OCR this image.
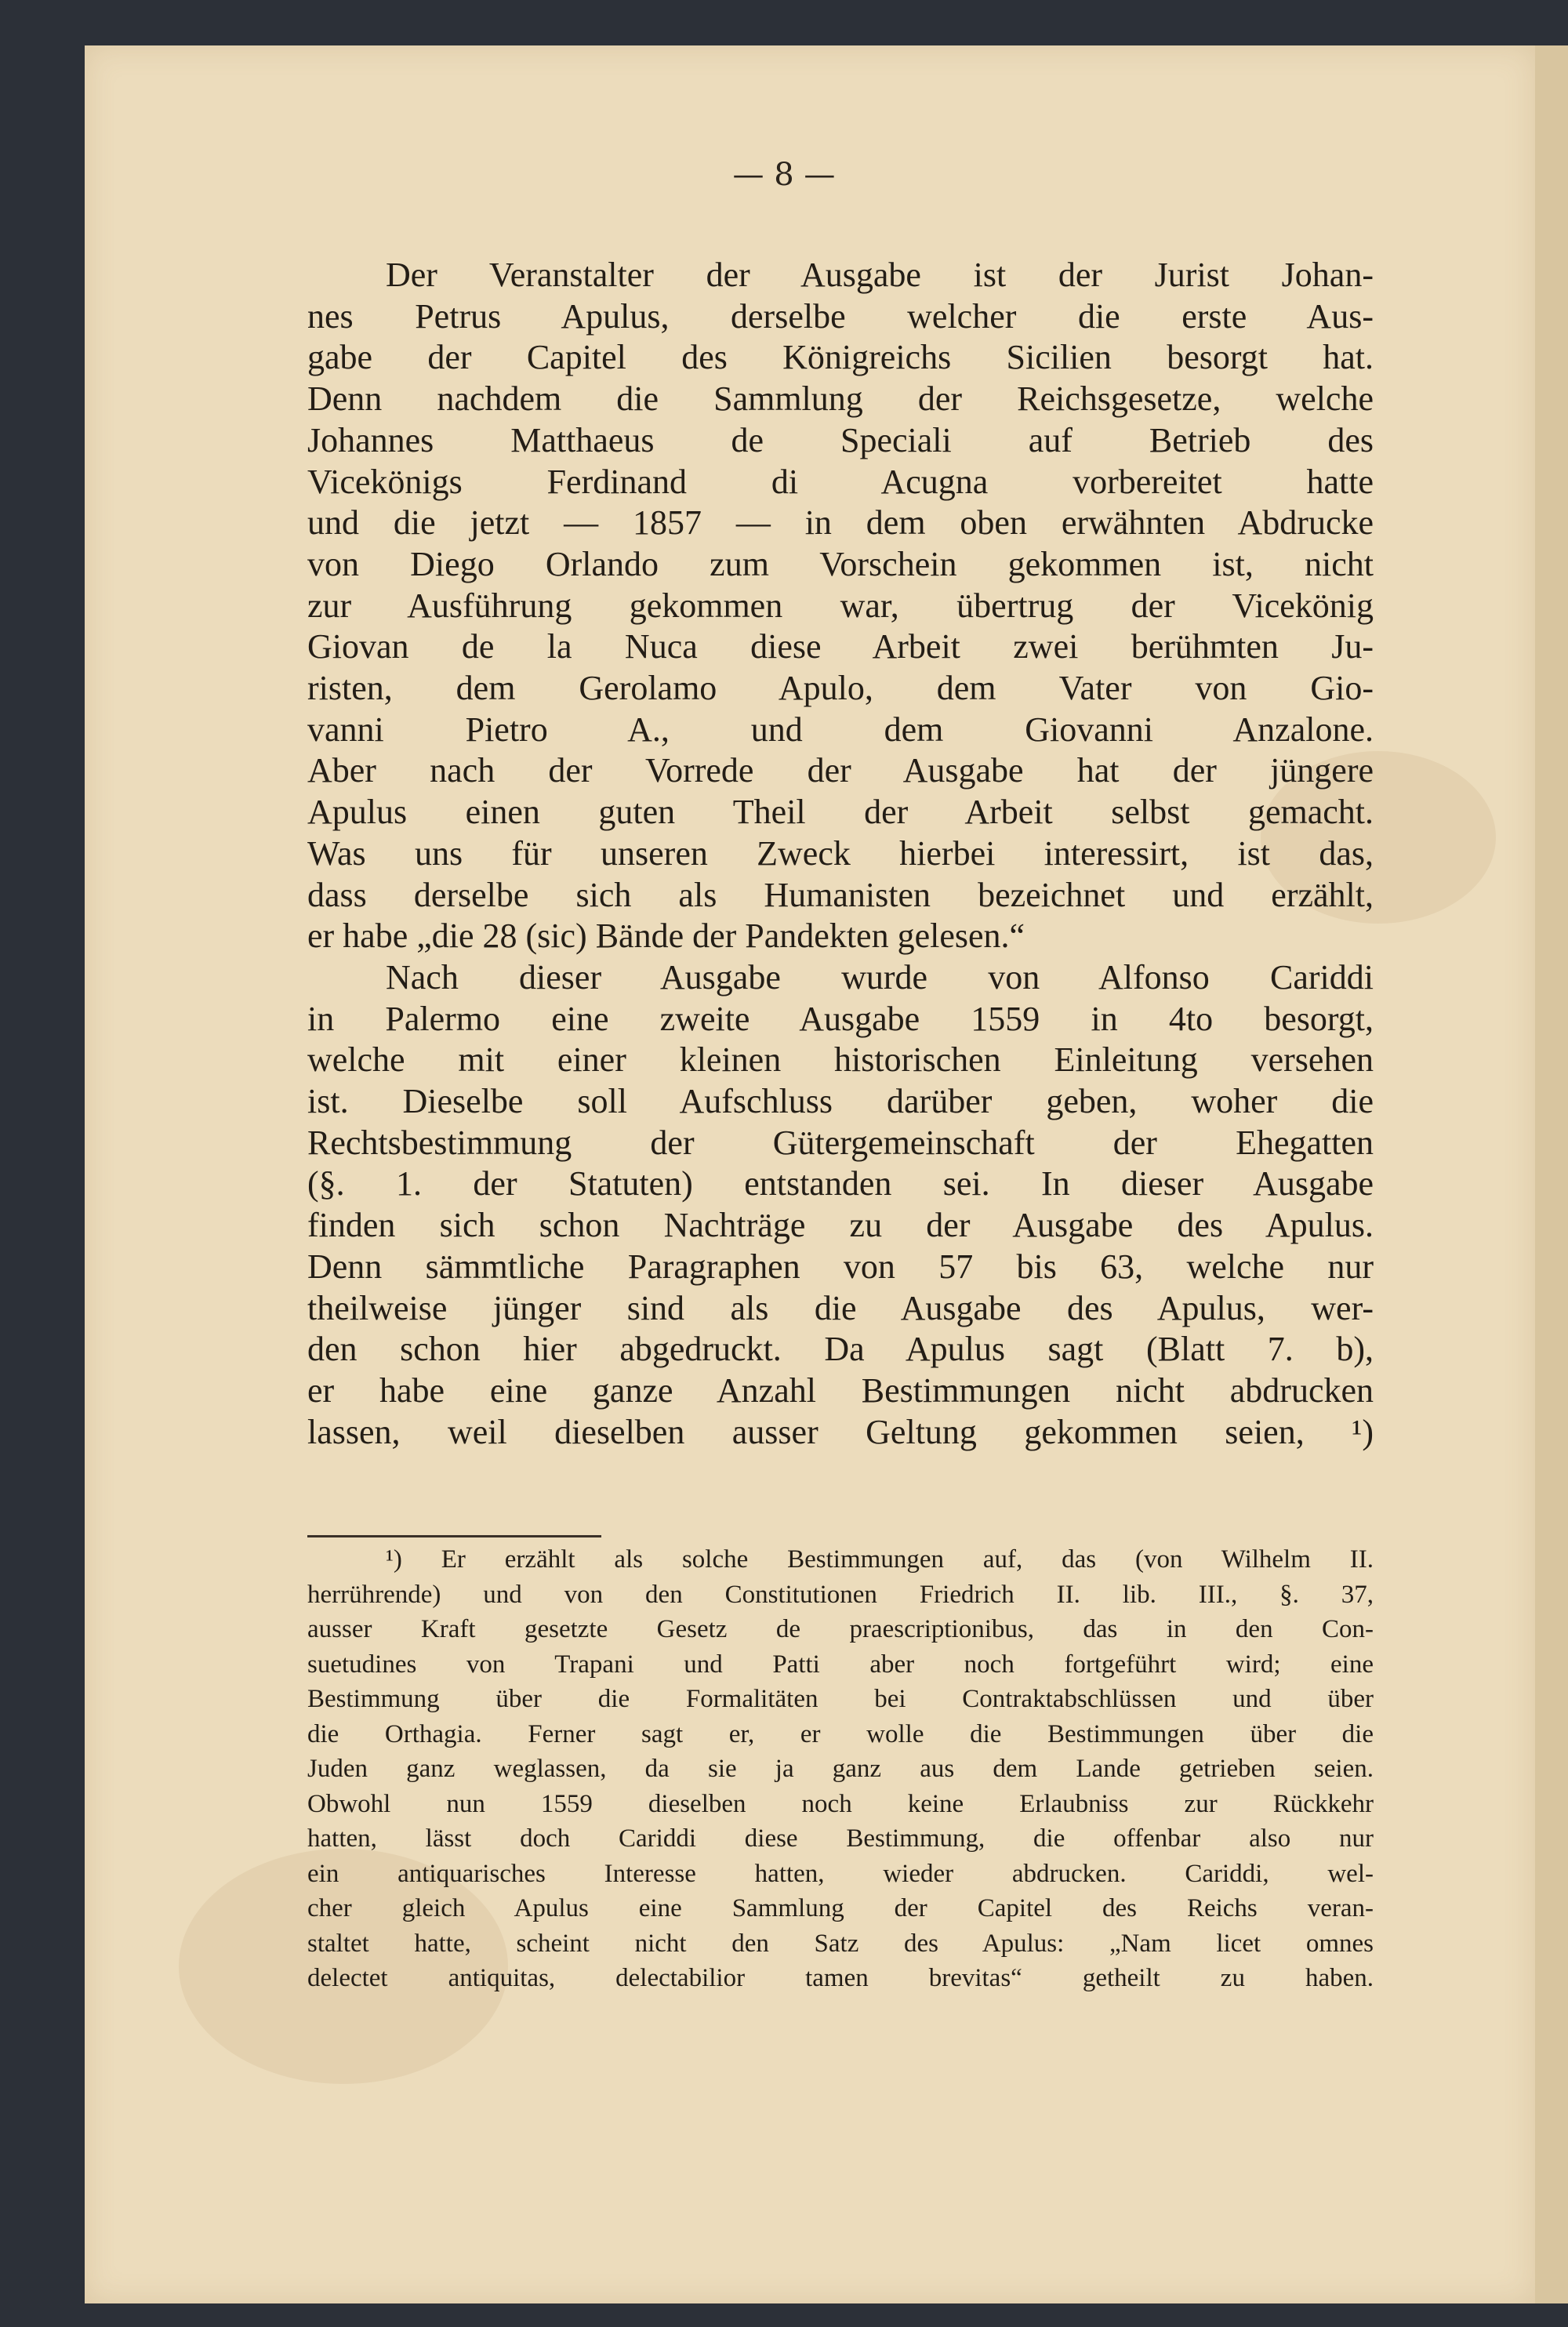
— 8 —
Der Veranstalter der Ausgabe ist der Jurist Johan-
nes Petrus Apulus, derselbe welcher die erste Aus-
gabe der Capitel des Königreichs Sicilien besorgt hat.
Denn nachdem die Sammlung der Reichsgesetze, welche
Johannes Matthaeus de Speciali auf Betrieb des
Vicekönigs Ferdinand di Acugna vorbereitet hatte
und die jetzt — 1857 — in dem oben erwähnten Abdrucke
von Diego Orlando zum Vorschein gekommen ist, nicht
zur Ausführung gekommen war, übertrug der Vicekönig
Giovan de la Nuca diese Arbeit zwei berühmten Ju-
risten, dem Gerolamo Apulo, dem Vater von Gio-
vanni Pietro A., und dem Giovanni Anzalone.
Aber nach der Vorrede der Ausgabe hat der jüngere
Apulus einen guten Theil der Arbeit selbst gemacht.
Was uns für unseren Zweck hierbei interessirt, ist das,
dass derselbe sich als Humanisten bezeichnet und erzählt,
er habe „die 28 (sic) Bände der Pandekten gelesen.“
Nach dieser Ausgabe wurde von Alfonso Cariddi
in Palermo eine zweite Ausgabe 1559 in 4to besorgt,
welche mit einer kleinen historischen Einleitung versehen
ist. Dieselbe soll Aufschluss darüber geben, woher die
Rechtsbestimmung der Gütergemeinschaft der Ehegatten
(§. 1. der Statuten) entstanden sei. In dieser Ausgabe
finden sich schon Nachträge zu der Ausgabe des Apulus.
Denn sämmtliche Paragraphen von 57 bis 63, welche nur
theilweise jünger sind als die Ausgabe des Apulus, wer-
den schon hier abgedruckt. Da Apulus sagt (Blatt 7. b),
er habe eine ganze Anzahl Bestimmungen nicht abdrucken
lassen, weil dieselben ausser Geltung gekommen seien, ¹)
¹) Er erzählt als solche Bestimmungen auf, das (von Wilhelm II.
herrührende) und von den Constitutionen Friedrich II. lib. III., §. 37,
ausser Kraft gesetzte Gesetz de praescriptionibus, das in den Con-
suetudines von Trapani und Patti aber noch fortgeführt wird; eine
Bestimmung über die Formalitäten bei Contraktabschlüssen und über
die Orthagia. Ferner sagt er, er wolle die Bestimmungen über die
Juden ganz weglassen, da sie ja ganz aus dem Lande getrieben seien.
Obwohl nun 1559 dieselben noch keine Erlaubniss zur Rückkehr
hatten, lässt doch Cariddi diese Bestimmung, die offenbar also nur
ein antiquarisches Interesse hatten, wieder abdrucken. Cariddi, wel-
cher gleich Apulus eine Sammlung der Capitel des Reichs veran-
staltet hatte, scheint nicht den Satz des Apulus: „Nam licet omnes
delectet antiquitas, delectabilior tamen brevitas“ getheilt zu haben.
